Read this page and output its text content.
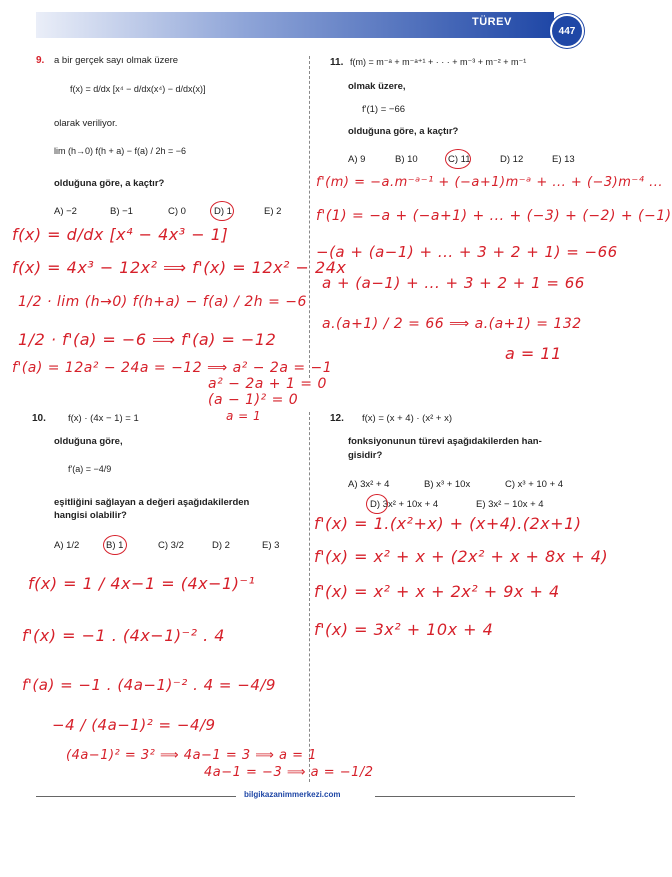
TÜREV
447
9. a bir gerçek sayı olmak üzere
f(x) = d/dx [x⁴ − d/dx(x⁴) − d/dx(x)]
olarak veriliyor.
lim (h→0) f(h + a) − f(a) / 2h = −6
olduğuna göre, a kaçtır?
A) −2	B) −1	C) 0	D) 1	E) 2
f(x) = d/dx [x⁴ − 4x³ − 1]
f(x) = 4x³ − 12x² ⟹ f'(x) = 12x² − 24x
1/2 · lim (h→0) f(h+a) − f(a) / 2h = −6
1/2 · f'(a) = −6 ⟹ f'(a) = −12
f'(a) = 12a² − 24a = −12 ⟹ a² − 2a = −1
a² − 2a + 1 = 0
(a − 1)² = 0
a = 1
10. f(x) · (4x − 1) = 1
olduğuna göre,
f'(a) = −4/9
eşitliğini sağlayan a değeri aşağıdakilerden
hangisi olabilir?
A) 1/2	B) 1	C) 3/2	D) 2	E) 3
f(x) = 1 / 4x−1 = (4x−1)⁻¹
f'(x) = −1 . (4x−1)⁻² . 4
f'(a) = −1 . (4a−1)⁻² . 4 = −4/9
−4 / (4a−1)² = −4/9
(4a−1)² = 3² ⟹ 4a−1 = 3 ⟹ a = 1
4a−1 = −3 ⟹ a = −1/2
11. f(m) = m⁻ᵃ + m⁻ᵃ⁺¹ + · · · + m⁻³ + m⁻² + m⁻¹
olmak üzere,
f'(1) = −66
olduğuna göre, a kaçtır?
A) 9	B) 10	C) 11	D) 12	E) 13
f'(m) = −a.m⁻ᵃ⁻¹ + (−a+1)m⁻ᵃ + ... + (−3)m⁻⁴ ...
f'(1) = −a + (−a+1) + ... + (−3) + (−2) + (−1)
−(a + (a−1) + ... + 3 + 2 + 1) = −66
a + (a−1) + ... + 3 + 2 + 1 = 66
a.(a+1) / 2 = 66 ⟹ a.(a+1) = 132
a = 11
12. f(x) = (x + 4) · (x² + x)
fonksiyonunun türevi aşağıdakilerden han-
gisidir?
A) 3x² + 4	B) x³ + 10x	C) x³ + 10 + 4
D) 3x² + 10x + 4	E) 3x² − 10x + 4
f'(x) = 1.(x²+x) + (x+4).(2x+1)
f'(x) = x² + x + (2x² + x + 8x + 4)
f'(x) = x² + x + 2x² + 9x + 4
f'(x) = 3x² + 10x + 4
bilgikazanimmerkezi.com
